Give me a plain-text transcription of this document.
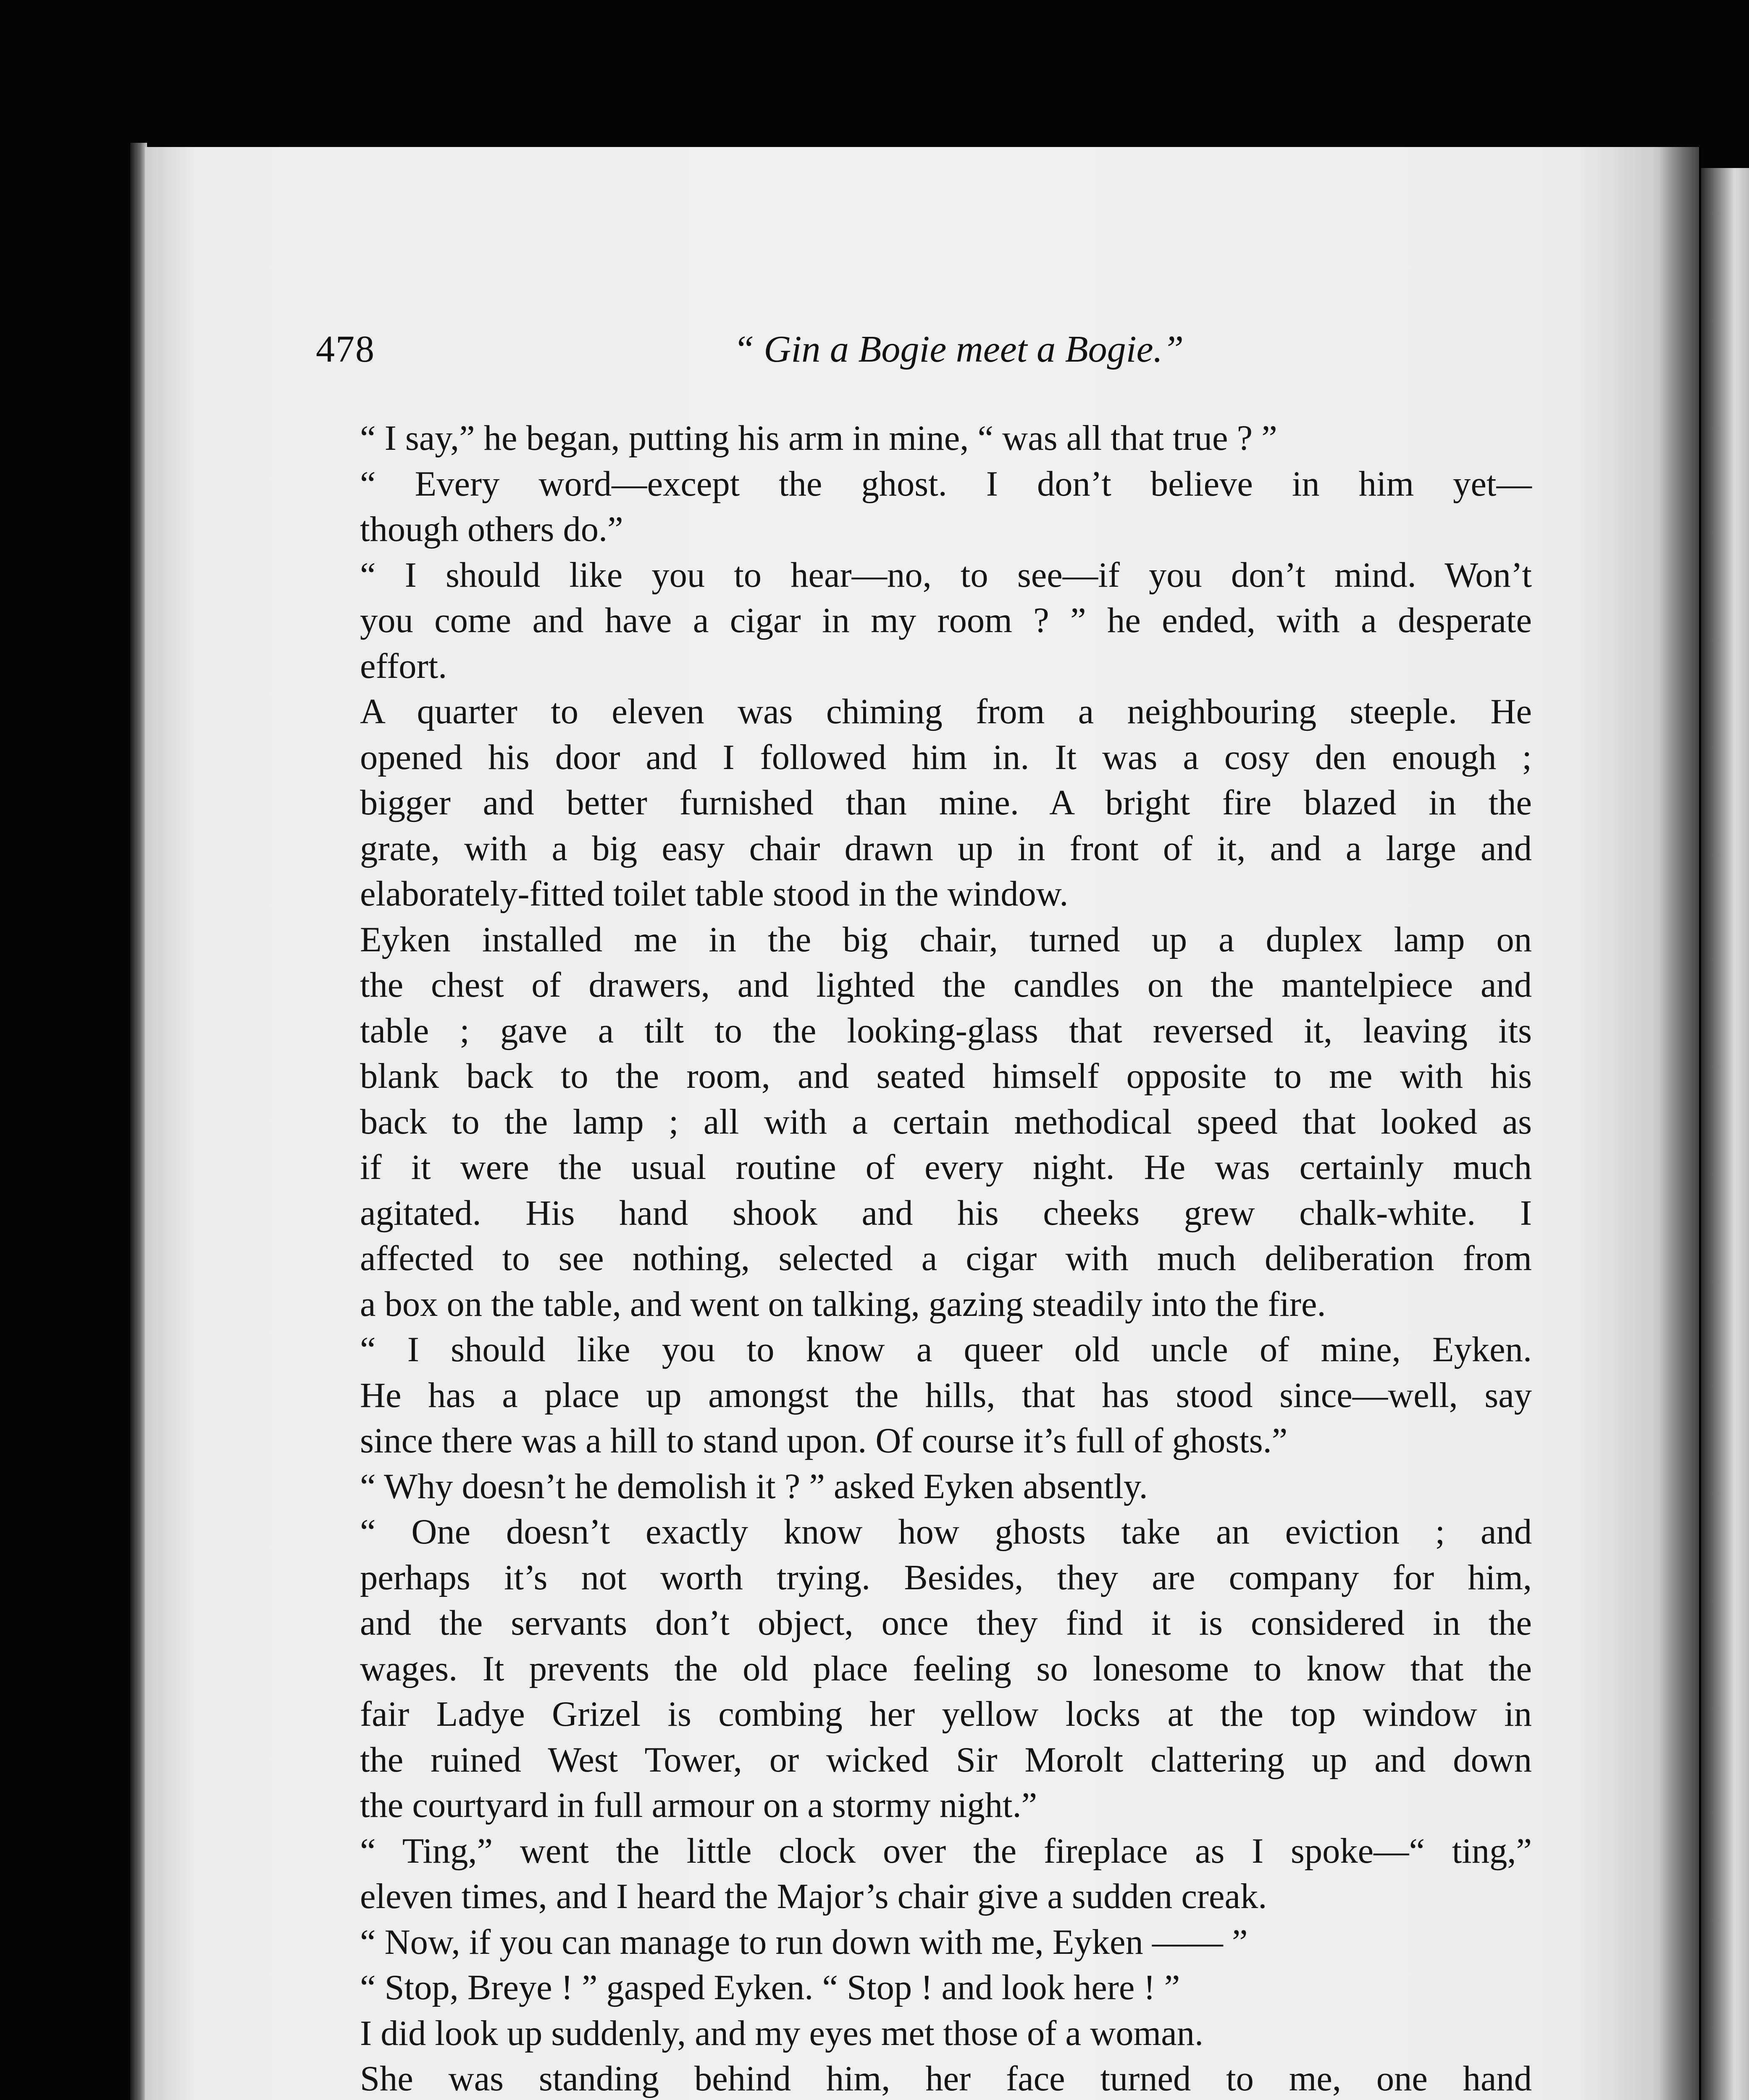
478	“ Gin a Bogie meet a Bogie.”

“ I say,” he began, putting his arm in mine, “ was all that true ? ”

“ Every word—except the ghost. I don’t believe in him yet—
though others do.”

“ I should like you to hear—no, to see—if you don’t mind. Won’t
you come and have a cigar in my room ? ” he ended, with a desperate
effort.

A quarter to eleven was chiming from a neighbouring steeple. He
opened his door and I followed him in. It was a cosy den enough ;
bigger and better furnished than mine. A bright fire blazed in the
grate, with a big easy chair drawn up in front of it, and a large and
elaborately-fitted toilet table stood in the window.

Eyken installed me in the big chair, turned up a duplex lamp on
the chest of drawers, and lighted the candles on the mantelpiece and
table ; gave a tilt to the looking-glass that reversed it, leaving its
blank back to the room, and seated himself opposite to me with his
back to the lamp ; all with a certain methodical speed that looked as
if it were the usual routine of every night. He was certainly much
agitated. His hand shook and his cheeks grew chalk-white. I
affected to see nothing, selected a cigar with much deliberation from
a box on the table, and went on talking, gazing steadily into the fire.

“ I should like you to know a queer old uncle of mine, Eyken.
He has a place up amongst the hills, that has stood since—well, say
since there was a hill to stand upon. Of course it’s full of ghosts.”

“ Why doesn’t he demolish it ? ” asked Eyken absently.

“ One doesn’t exactly know how ghosts take an eviction ; and
perhaps it’s not worth trying. Besides, they are company for him,
and the servants don’t object, once they find it is considered in the
wages. It prevents the old place feeling so lonesome to know that the
fair Ladye Grizel is combing her yellow locks at the top window in
the ruined West Tower, or wicked Sir Morolt clattering up and down
the courtyard in full armour on a stormy night.”

“ Ting,” went the little clock over the fireplace as I spoke—“ ting,”
eleven times, and I heard the Major’s chair give a sudden creak.

“ Now, if you can manage to run down with me, Eyken —— ”

“ Stop, Breye ! ” gasped Eyken. “ Stop ! and look here ! ”

I did look up suddenly, and my eyes met those of a woman.

She was standing behind him, her face turned to me, one hand
